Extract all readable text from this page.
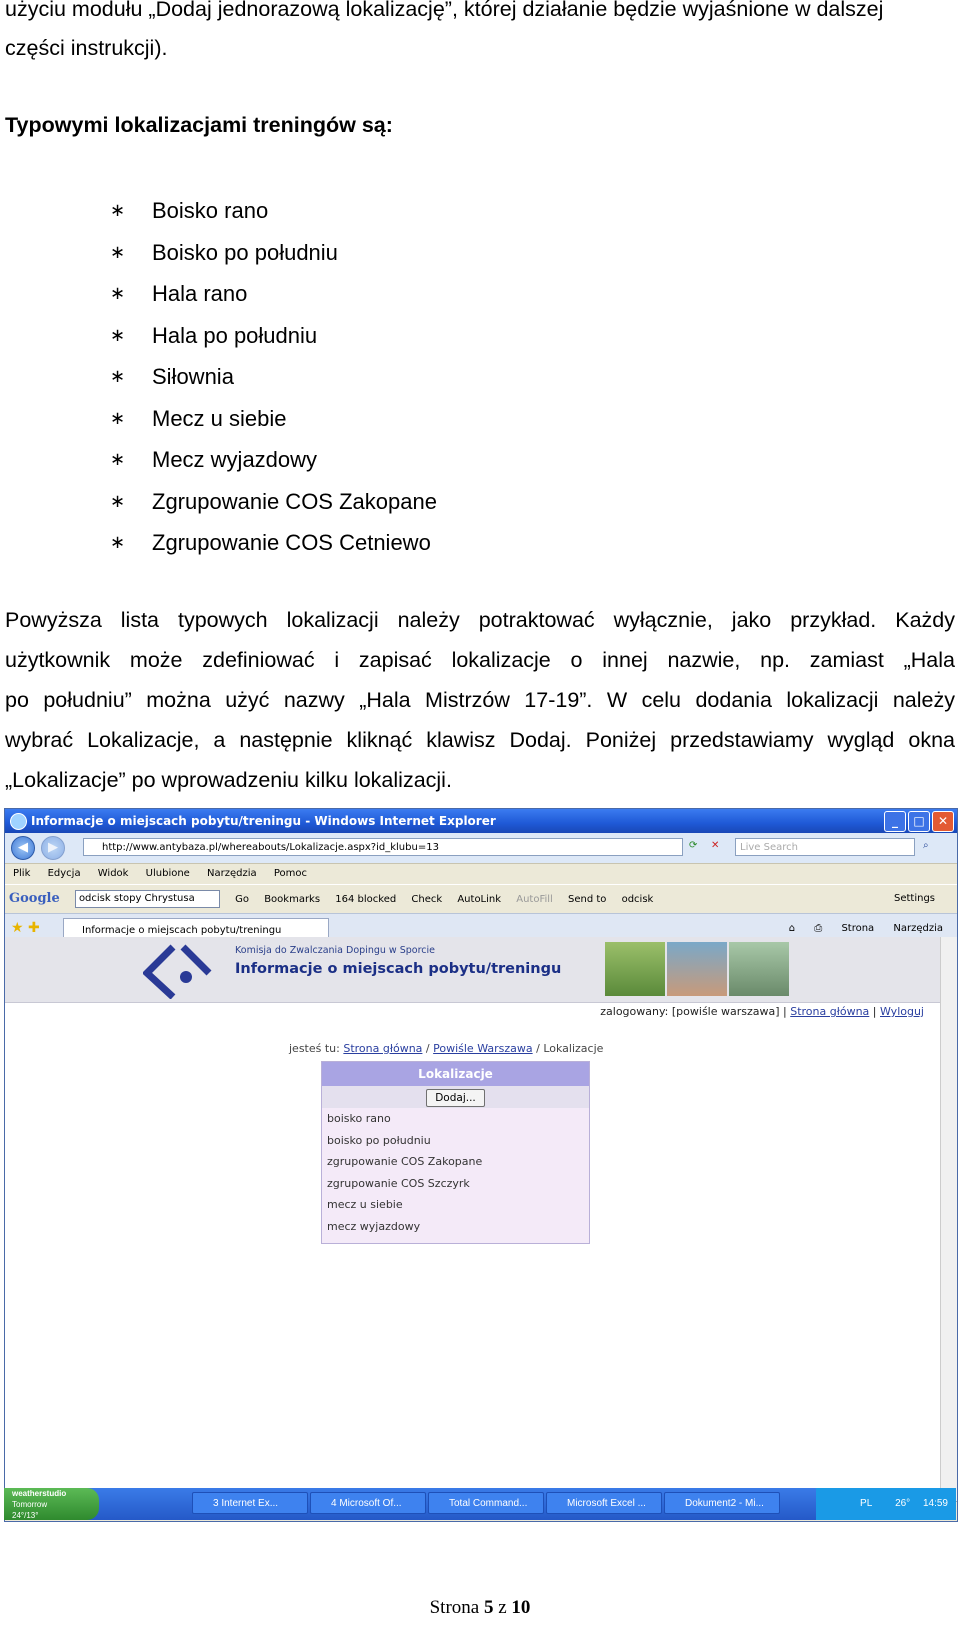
użyciu modułu „Dodaj jednorazową lokalizację”, której działanie będzie wyjaśnione w dalszej
części instrukcji).
Typowymi lokalizacjami treningów są:
∗ Boisko rano
∗ Boisko po południu
∗ Hala rano
∗ Hala po południu
∗ Siłownia
∗ Mecz u siebie
∗ Mecz wyjazdowy
∗ Zgrupowanie COS Zakopane
∗ Zgrupowanie COS Cetniewo
Powyższa lista typowych lokalizacji należy potraktować wyłącznie, jako przykład. Każdy
użytkownik może zdefiniować i zapisać lokalizacje o innej nazwie, np. zamiast „Hala
po południu” można użyć nazwy „Hala Mistrzów 17-19”. W celu dodania lokalizacji należy
wybrać Lokalizacje, a następnie kliknąć klawisz Dodaj. Poniżej przedstawiamy wygląd okna
„Lokalizacje” po wprowadzeniu kilku lokalizacji.
Informacje o miejscach pobytu/treningu - Windows Internet Explorer	_	□	✕
◀	▶	http://www.antybaza.pl/whereabouts/Lokalizacje.aspx?id_klubu=13	⟳ ✕	Live Search	⌕
Plik Edycja Widok Ulubione Narzędzia Pomoc
Google odcisk stopy Chrystusa	Go Bookmarks 164 blocked Check AutoLink AutoFill Send to odcisk	Settings
★ ✚	Informacje o miejscach pobytu/treningu	⌂ ⎙ Strona Narzędzia
Komisja do Zwalczania Dopingu w Sporcie
Informacje o miejscach pobytu/treningu
zalogowany: [powiśle warszawa] | Strona główna | Wyloguj
jesteś tu: Strona główna / Powiśle Warszawa / Lokalizacje
Lokalizacje
Dodaj...
boisko rano
boisko po południu
zgrupowanie COS Zakopane
zgrupowanie COS Szczyrk
mecz u siebie
mecz wyjazdowy
weatherstudio
Tomorrow
24°/13°
3 Internet Ex...	4 Microsoft Of...	Total Command...	Microsoft Excel ...	Dokument2 - Mi...	PL 26° 14:59
Strona 5 z 10
